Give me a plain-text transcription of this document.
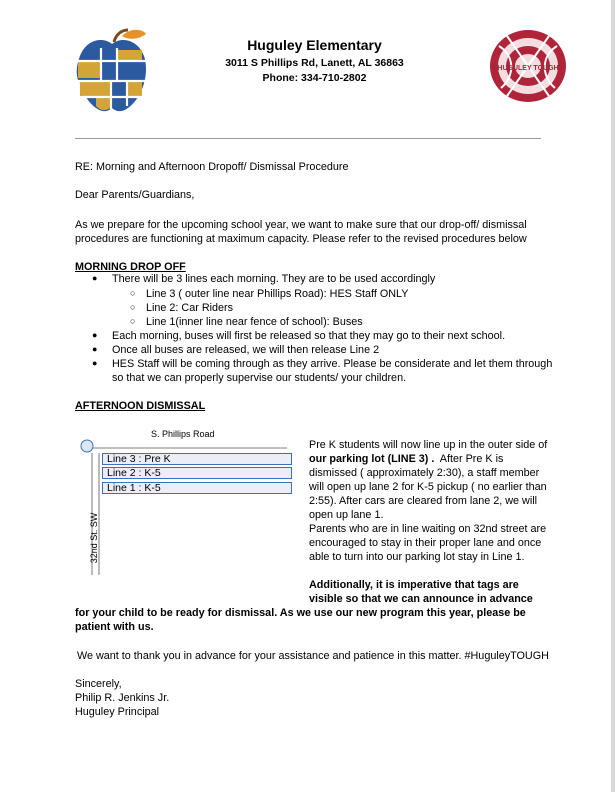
Huguley Elementary
3011 S Phillips Rd, Lanett, AL 36863
Phone: 334-710-2802
HUGULEY TOUGH
RE: Morning and Afternoon Dropoff/ Dismissal Procedure
Dear Parents/Guardians,
As we prepare for the upcoming school year, we want to make sure that our drop-off/ dismissal
procedures are functioning at maximum capacity. Please refer to the revised procedures below
MORNING DROP OFF
● There will be 3 lines each morning. They are to be used accordingly
○ Line 3 ( outer line near Phillips Road): HES Staff ONLY
○ Line 2: Car Riders
○ Line 1(inner line near fence of school): Buses
● Each morning, buses will first be released so that they may go to their next school.
● Once all buses are released, we will then release Line 2
● HES Staff will be coming through as they arrive. Please be considerate and let them through
so that we can properly supervise our students/ your children.
AFTERNOON DISMISSAL
S. Phillips Road
32nd St. SW
Line 3 : Pre K
Line 2 : K-5
Line 1 : K-5
Pre K students will now line up in the outer side of
our parking lot (LINE 3) .  After Pre K is
dismissed ( approximately 2:30), a staff member
will open up lane 2 for K-5 pickup ( no earlier than
2:55). After cars are cleared from lane 2, we will
open up lane 1.
Parents who are in line waiting on 32nd street are
encouraged to stay in their proper lane and once
able to turn into our parking lot stay in Line 1.
Additionally, it is imperative that tags are
visible so that we can announce in advance
for your child to be ready for dismissal. As we use our new program this year, please be
patient with us.
We want to thank you in advance for your assistance and patience in this matter. #HuguleyTOUGH
Sincerely,
Philip R. Jenkins Jr.
Huguley Principal
